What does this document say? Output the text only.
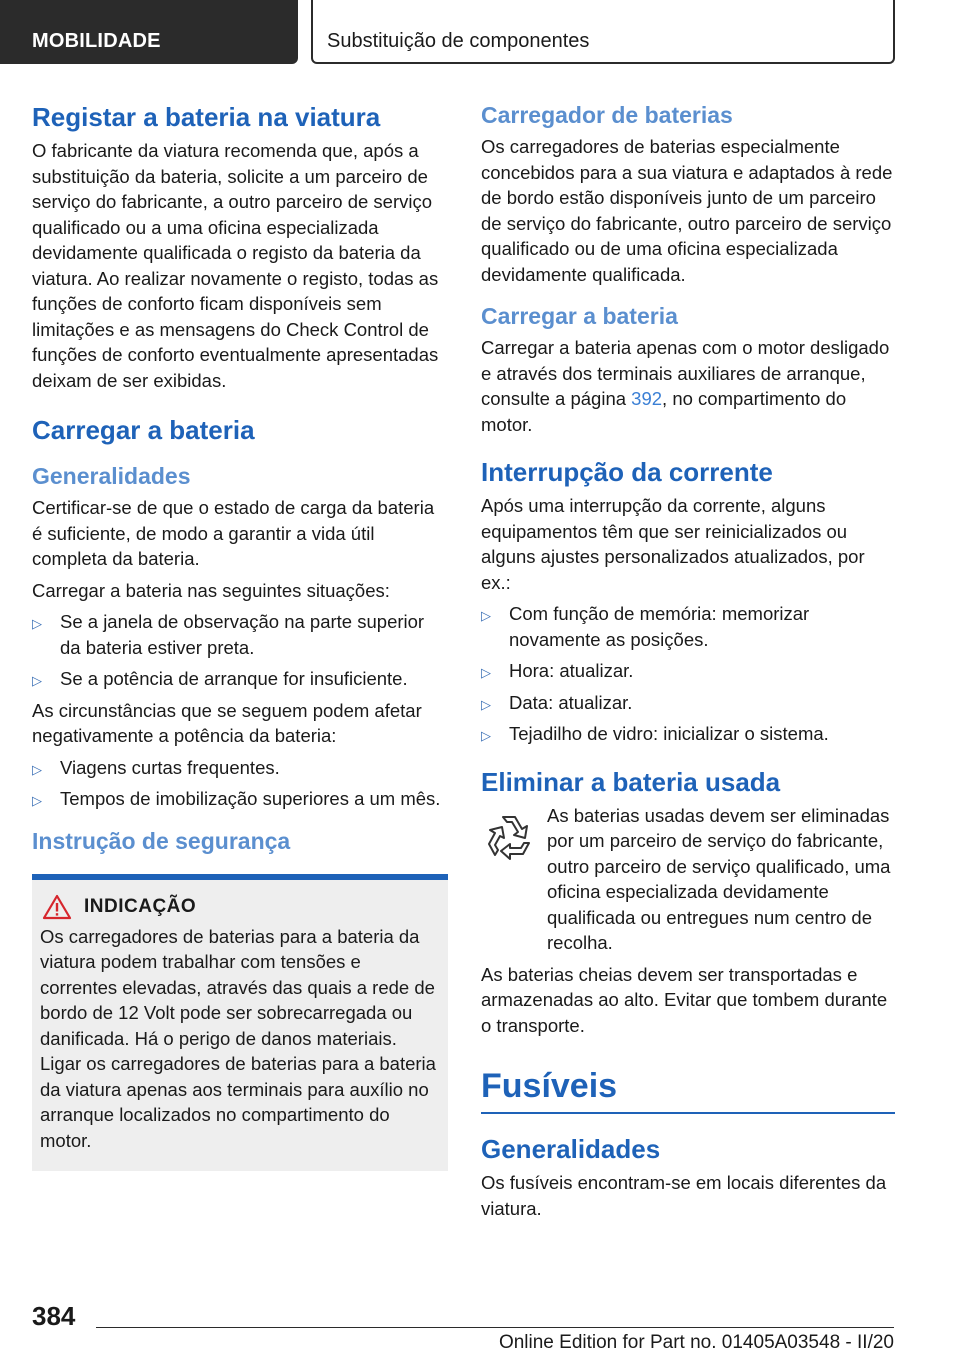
MOBILIDADE	Substituição de componentes
Registar a bateria na viatura

O fabricante da viatura recomenda que, após a substituição da bateria, solicite a um parceiro de serviço do fabricante, a outro parceiro de serviço qualificado ou a uma oficina especializada devidamente qualificada o registo da bateria da viatura. Ao realizar novamente o registo, todas as funções de conforto ficam disponíveis sem limitações e as mensagens do Check Control de funções de conforto eventualmente apresentadas deixam de ser exibidas.

Carregar a bateria
Generalidades

Certificar-se de que o estado de carga da bateria é suficiente, de modo a garantir a vida útil completa da bateria.

Carregar a bateria nas seguintes situações:

▷ Se a janela de observação na parte superior da bateria estiver preta.
▷ Se a potência de arranque for insuficiente.

As circunstâncias que se seguem podem afetar negativamente a potência da bateria:

▷ Viagens curtas frequentes.
▷ Tempos de imobilização superiores a um mês.
Instrução de segurança
INDICAÇÃO

Os carregadores de baterias para a bateria da viatura podem trabalhar com tensões e correntes elevadas, através das quais a rede de bordo de 12 Volt pode ser sobrecarregada ou danificada. Há o perigo de danos materiais. Ligar os carregadores de baterias para a bateria da viatura apenas aos terminais para auxílio no arranque localizados no compartimento do motor.

Carregador de baterias

Os carregadores de baterias especialmente concebidos para a sua viatura e adaptados à rede de bordo estão disponíveis junto de um parceiro de serviço do fabricante, outro parceiro de serviço qualificado ou de uma oficina especializada devidamente qualificada.

Carregar a bateria

Carregar a bateria apenas com o motor desligado e através dos terminais auxiliares de arranque, consulte a página 392, no compartimento do motor.

Interrupção da corrente

Após uma interrupção da corrente, alguns equipamentos têm que ser reinicializados ou alguns ajustes personalizados atualizados, por ex.:

▷ Com função de memória: memorizar novamente as posições.
▷ Hora: atualizar.
▷ Data: atualizar.
▷ Tejadilho de vidro: inicializar o sistema.
Eliminar a bateria usada

As baterias usadas devem ser eliminadas por um parceiro de serviço do fabricante, outro parceiro de serviço qualificado, uma oficina especializada devidamente qualificada ou entregues num centro de recolha.

As baterias cheias devem ser transportadas e armazenadas ao alto. Evitar que tombem durante o transporte.

Fusíveis
Generalidades

Os fusíveis encontram-se em locais diferentes da viatura.

384
Online Edition for Part no. 01405A03548 - II/20
